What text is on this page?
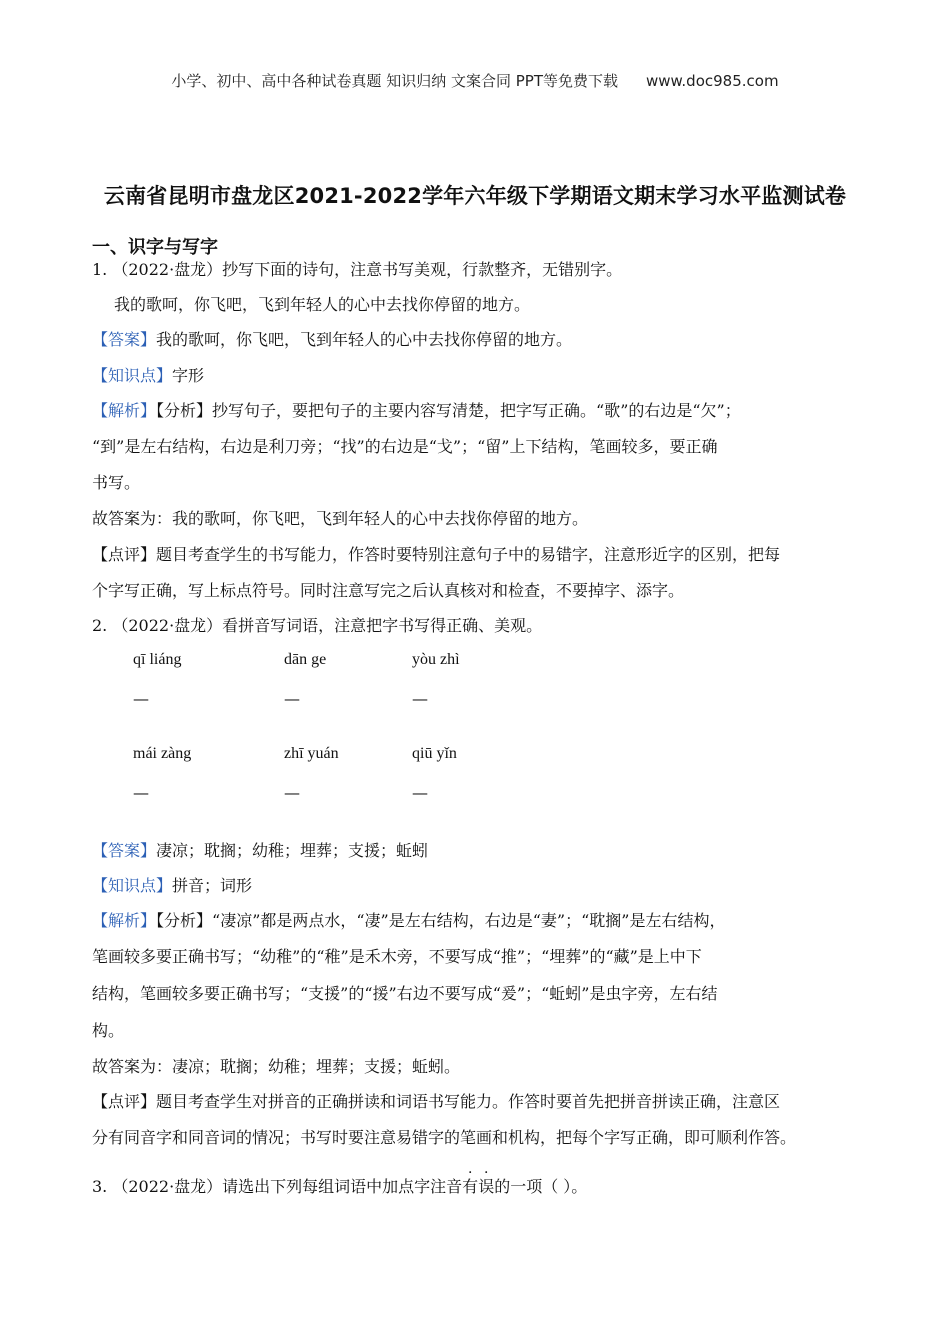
小学、初中、高中各种试卷真题 知识归纳 文案合同 PPT等免费下载 www.doc985.com
云南省昆明市盘龙区2021-2022学年六年级下学期语文期末学习水平监测试卷
一、识字与写字
1. （2022·盘龙）抄写下面的诗句，注意书写美观，行款整齐，无错别字。
我的歌呵，你飞吧，飞到年轻人的心中去找你停留的地方。
【答案】我的歌呵，你飞吧，飞到年轻人的心中去找你停留的地方。
【知识点】字形
【解析】【分析】抄写句子，要把句子的主要内容写清楚，把字写正确。“歌”的右边是“欠”；
“到”是左右结构，右边是利刀旁；“找”的右边是“戈”；“留”上下结构，笔画较多，要正确
书写。
故答案为：我的歌呵，你飞吧，飞到年轻人的心中去找你停留的地方。
【点评】题目考查学生的书写能力，作答时要特别注意句子中的易错字，注意形近字的区别，把每
个字写正确，写上标点符号。同时注意写完之后认真核对和检查，不要掉字、添字。
2. （2022·盘龙）看拼音写词语，注意把字书写得正确、美观。
qī liáng	dān ge	yòu zhì
—	—	—
mái zàng	zhī yuán	qiū yǐn
—	—	—
【答案】凄凉；耽搁；幼稚；埋葬；支援；蚯蚓
【知识点】拼音；词形
【解析】【分析】“凄凉”都是两点水，“凄”是左右结构，右边是“妻”；“耽搁”是左右结构，
笔画较多要正确书写；“幼稚”的“稚”是禾木旁，不要写成“推”；“埋葬”的“藏”是上中下
结构，笔画较多要正确书写；“支援”的“援”右边不要写成“爰”；“蚯蚓”是虫字旁，左右结
构。
故答案为：凄凉；耽搁；幼稚；埋葬；支援；蚯蚓。
【点评】题目考查学生对拼音的正确拼读和词语书写能力。作答时要首先把拼音拼读正确，注意区
分有同音字和同音词的情况；书写时要注意易错字的笔画和机构，把每个字写正确，即可顺利作答。
3. （2022·盘龙）请选出下列每组词语中加点字注音
·
有
·
误的一项（ ）。
